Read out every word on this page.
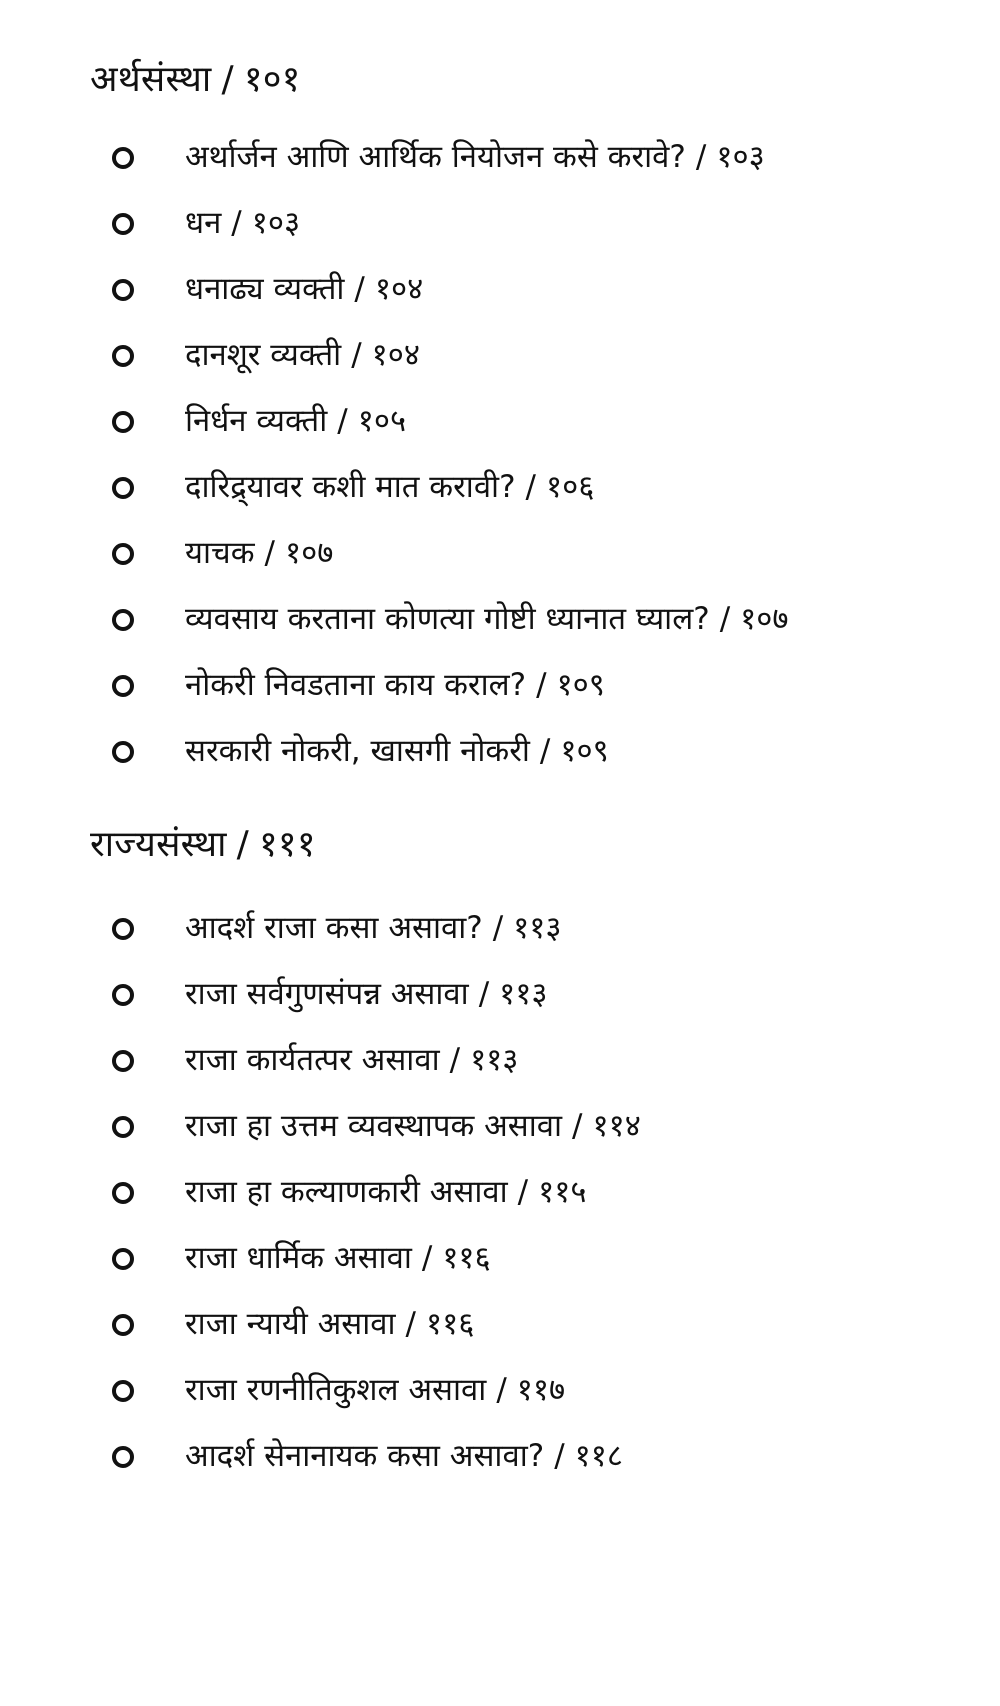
अर्थसंस्था / १०१
अर्थार्जन आणि आर्थिक नियोजन कसे करावे? / १०३
धन / १०३
धनाढ्य व्यक्ती / १०४
दानशूर व्यक्ती / १०४
निर्धन व्यक्ती / १०५
दारिद्र्यावर कशी मात करावी? / १०६
याचक / १०७
व्यवसाय करताना कोणत्या गोष्टी ध्यानात घ्याल? / १०७
नोकरी निवडताना काय कराल? / १०९
सरकारी नोकरी, खासगी नोकरी / १०९
राज्यसंस्था / १११
आदर्श राजा कसा असावा? / ११३
राजा सर्वगुणसंपन्न असावा / ११३
राजा कार्यतत्पर असावा / ११३
राजा हा उत्तम व्यवस्थापक असावा / ११४
राजा हा कल्याणकारी असावा / ११५
राजा धार्मिक असावा / ११६
राजा न्यायी असावा / ११६
राजा रणनीतिकुशल असावा / ११७
आदर्श सेनानायक कसा असावा? / ११८
